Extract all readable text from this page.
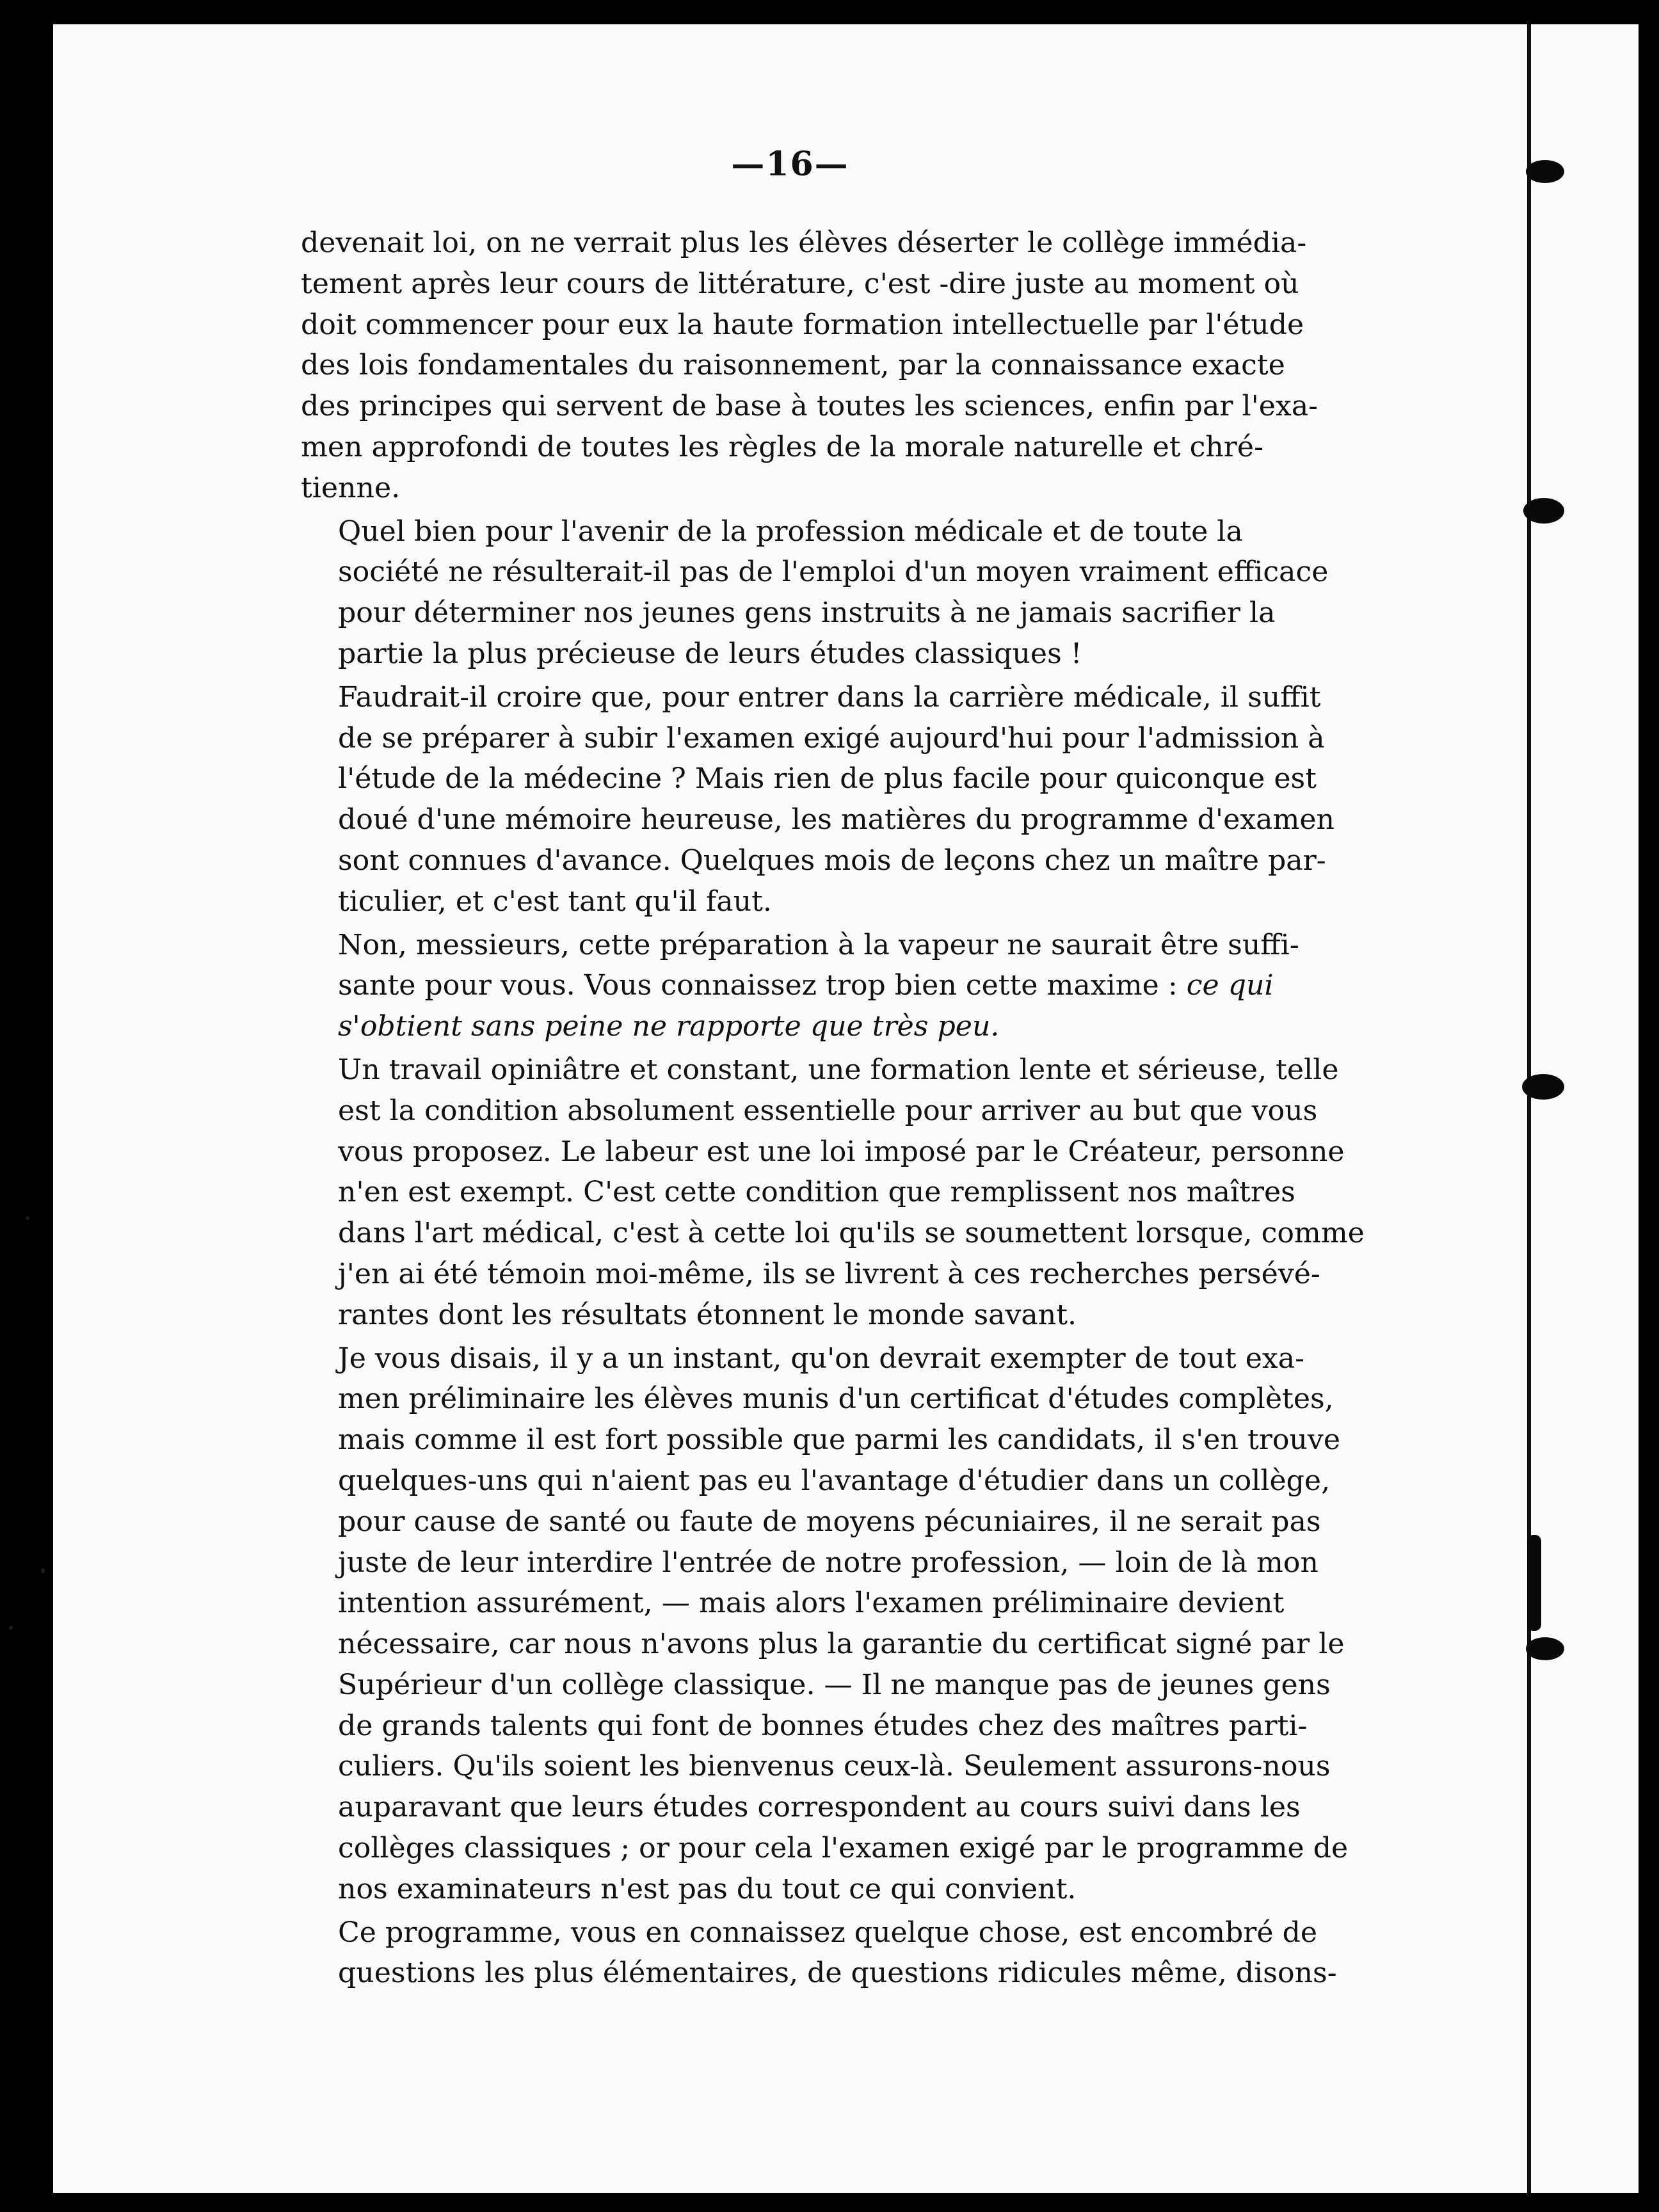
—16—
devenait loi, on ne verrait plus les élèves déserter le collège immédia-
tement après leur cours de littérature, c'est ‑dire juste au moment où
doit commencer pour eux la haute formation intellectuelle par l'étude
des lois fondamentales du raisonnement, par la connaissance exacte
des principes qui servent de base à toutes les sciences, enfin par l'exa-
men approfondi de toutes les règles de la morale naturelle et chré-
tienne.
Quel bien pour l'avenir de la profession médicale et de toute la
société ne résulterait-il pas de l'emploi d'un moyen vraiment efficace
pour déterminer nos jeunes gens instruits à ne jamais sacrifier la
partie la plus précieuse de leurs études classiques !
Faudrait-il croire que, pour entrer dans la carrière médicale, il suffit
de se préparer à subir l'examen exigé aujourd'hui pour l'admission à
l'étude de la médecine ? Mais rien de plus facile pour quiconque est
doué d'une mémoire heureuse, les matières du programme d'examen
sont connues d'avance. Quelques mois de leçons chez un maître par-
ticulier, et c'est tant qu'il faut.
Non, messieurs, cette préparation à la vapeur ne saurait être suffi-
sante pour vous. Vous connaissez trop bien cette maxime : ce qui
s'obtient sans peine ne rapporte que très peu.
Un travail opiniâtre et constant, une formation lente et sérieuse, telle
est la condition absolument essentielle pour arriver au but que vous
vous proposez. Le labeur est une loi imposé par le Créateur, personne
n'en est exempt. C'est cette condition que remplissent nos maîtres
dans l'art médical, c'est à cette loi qu'ils se soumettent lorsque, comme
j'en ai été témoin moi-même, ils se livrent à ces recherches persévé-
rantes dont les résultats étonnent le monde savant.
Je vous disais, il y a un instant, qu'on devrait exempter de tout exa-
men préliminaire les élèves munis d'un certificat d'études complètes,
mais comme il est fort possible que parmi les candidats, il s'en trouve
quelques-uns qui n'aient pas eu l'avantage d'étudier dans un collège,
pour cause de santé ou faute de moyens pécuniaires, il ne serait pas
juste de leur interdire l'entrée de notre profession, — loin de là mon
intention assurément, — mais alors l'examen préliminaire devient
nécessaire, car nous n'avons plus la garantie du certificat signé par le
Supérieur d'un collège classique. — Il ne manque pas de jeunes gens
de grands talents qui font de bonnes études chez des maîtres parti-
culiers. Qu'ils soient les bienvenus ceux-là. Seulement assurons-nous
auparavant que leurs études correspondent au cours suivi dans les
collèges classiques ; or pour cela l'examen exigé par le programme de
nos examinateurs n'est pas du tout ce qui convient.
Ce programme, vous en connaissez quelque chose, est encombré de
questions les plus élémentaires, de questions ridicules même, disons-
